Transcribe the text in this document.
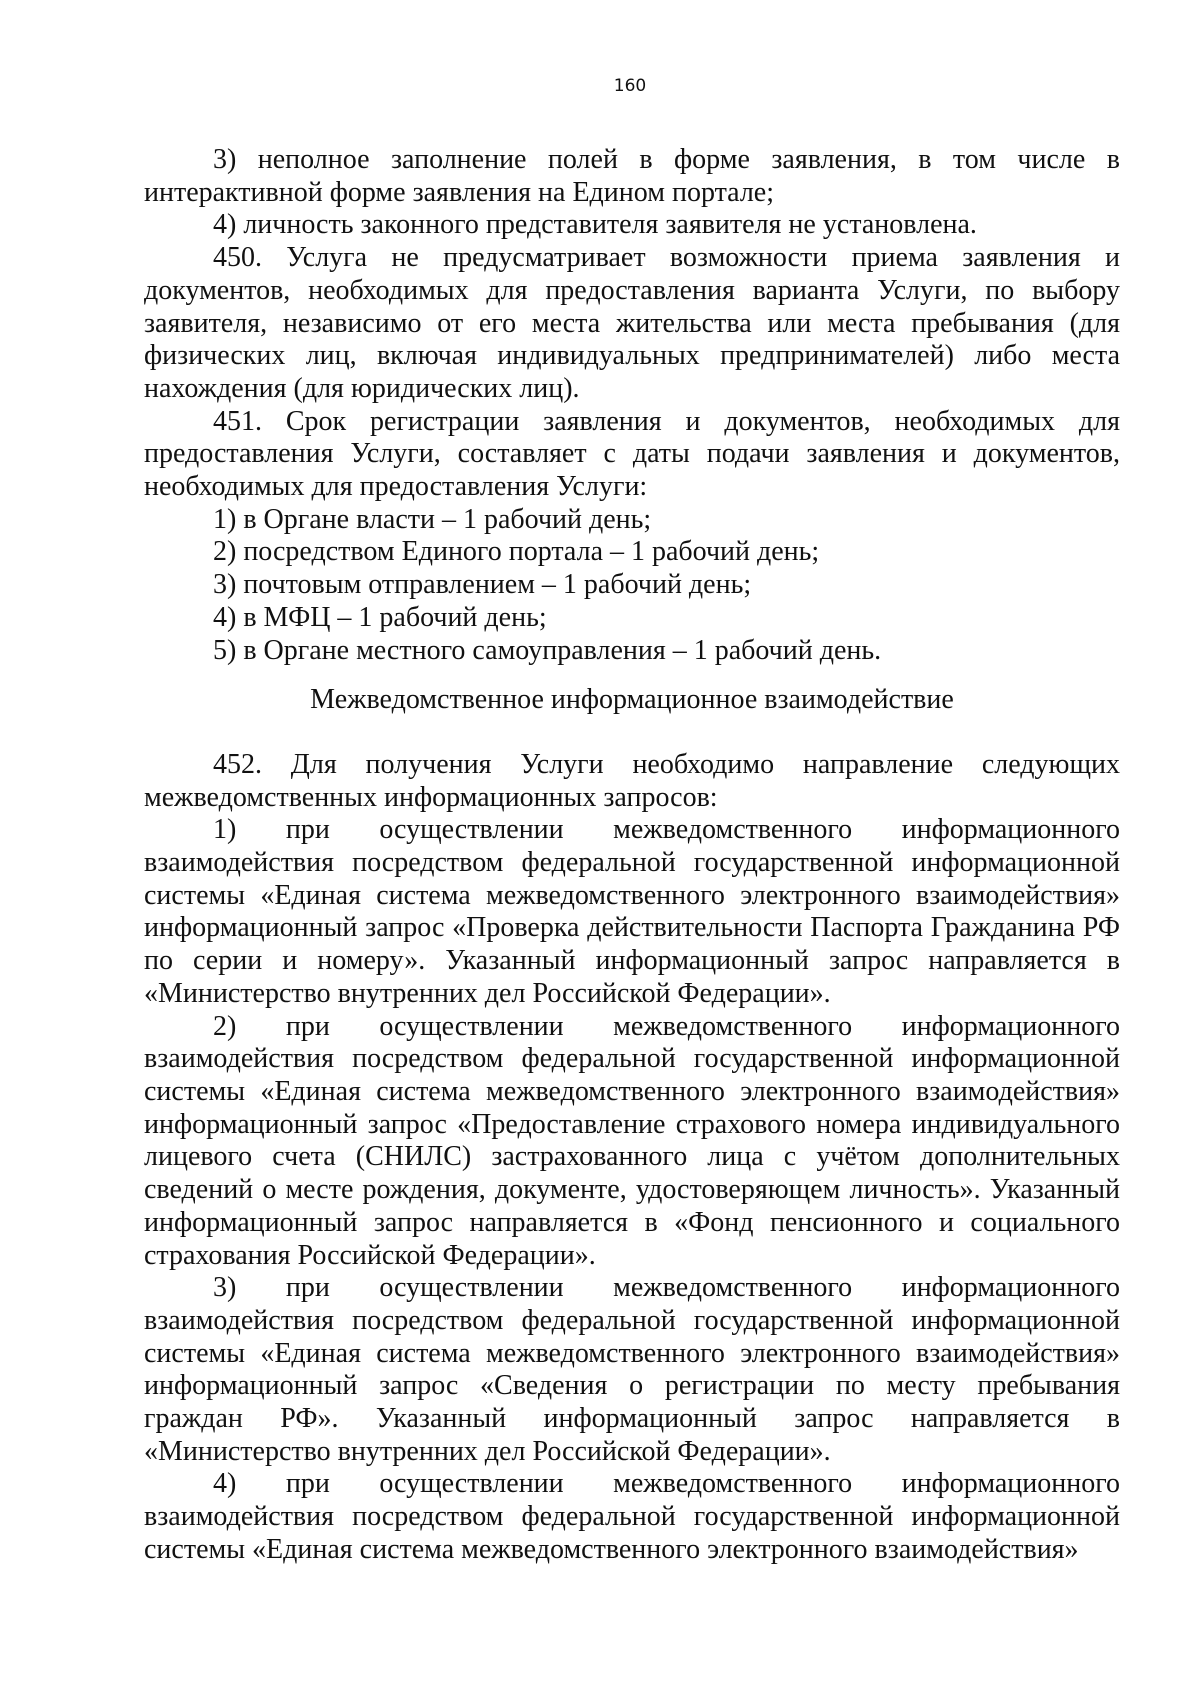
160

3) неполное заполнение полей в форме заявления, в том числе в интерактивной форме заявления на Едином портале;

4) личность законного представителя заявителя не установлена.

450. Услуга не предусматривает возможности приема заявления и документов, необходимых для предоставления варианта Услуги, по выбору заявителя, независимо от его места жительства или места пребывания (для физических лиц, включая индивидуальных предпринимателей) либо места нахождения (для юридических лиц).

451. Срок регистрации заявления и документов, необходимых для предоставления Услуги, составляет с даты подачи заявления и документов, необходимых для предоставления Услуги:

1) в Органе власти – 1 рабочий день;

2) посредством Единого портала – 1 рабочий день;

3) почтовым отправлением – 1 рабочий день;

4) в МФЦ – 1 рабочий день;

5) в Органе местного самоуправления – 1 рабочий день.

Межведомственное информационное взаимодействие

452. Для получения Услуги необходимо направление следующих межведомственных информационных запросов:

1) при осуществлении межведомственного информационного взаимодействия посредством федеральной государственной информационной системы «Единая система межведомственного электронного взаимодействия» информационный запрос «Проверка действительности Паспорта Гражданина РФ по серии и номеру». Указанный информационный запрос направляется в «Министерство внутренних дел Российской Федерации».

2) при осуществлении межведомственного информационного взаимодействия посредством федеральной государственной информационной системы «Единая система межведомственного электронного взаимодействия» информационный запрос «Предоставление страхового номера индивидуального лицевого счета (СНИЛС) застрахованного лица с учётом дополнительных сведений о месте рождения, документе, удостоверяющем личность». Указанный информационный запрос направляется в «Фонд пенсионного и социального страхования Российской Федерации».

3) при осуществлении межведомственного информационного взаимодействия посредством федеральной государственной информационной системы «Единая система межведомственного электронного взаимодействия» информационный запрос «Сведения о регистрации по месту пребывания граждан РФ». Указанный информационный запрос направляется в «Министерство внутренних дел Российской Федерации».

4) при осуществлении межведомственного информационного взаимодействия посредством федеральной государственной информационной системы «Единая система межведомственного электронного взаимодействия»
